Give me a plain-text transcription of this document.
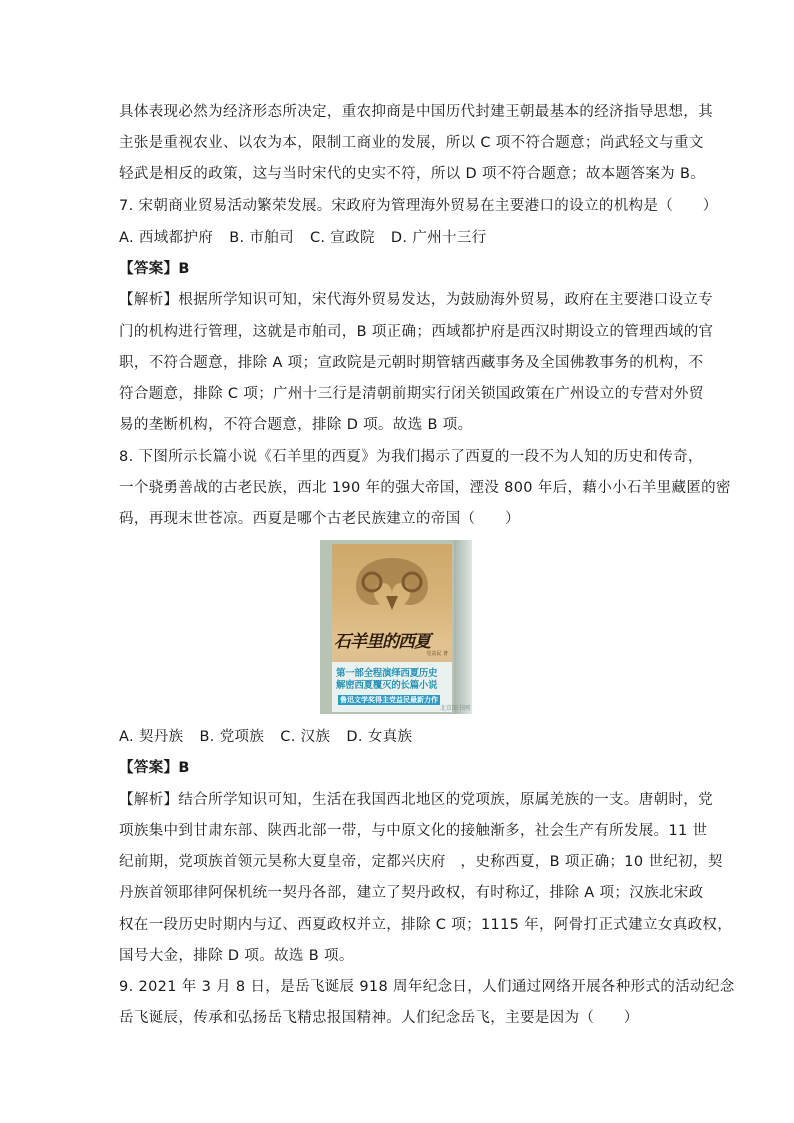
具体表现必然为经济形态所决定，重农抑商是中国历代封建王朝最基本的经济指导思想，其
主张是重视农业、以农为本，限制工商业的发展，所以 C 项不符合题意；尚武轻文与重文
轻武是相反的政策，这与当时宋代的史实不符，所以 D 项不符合题意；故本题答案为 B。
7. 宋朝商业贸易活动繁荣发展。宋政府为管理海外贸易在主要港口的设立的机构是（　　）
A. 西域都护府 B. 市舶司 C. 宣政院 D. 广州十三行
【答案】B
【解析】根据所学知识可知，宋代海外贸易发达，为鼓励海外贸易，政府在主要港口设立专
门的机构进行管理，这就是市舶司，B 项正确；西域都护府是西汉时期设立的管理西域的官
职，不符合题意，排除 A 项；宣政院是元朝时期管辖西藏事务及全国佛教事务的机构，不
符合题意，排除 C 项；广州十三行是清朝前期实行闭关锁国政策在广州设立的专营对外贸
易的垄断机构，不符合题意，排除 D 项。故选 B 项。
8. 下图所示长篇小说《石羊里的西夏》为我们揭示了西夏的一段不为人知的历史和传奇，
一个骁勇善战的古老民族，西北 190 年的强大帝国，湮没 800 年后，藉小小石羊里藏匿的密
码，再现末世苍凉。西夏是哪个古老民族建立的帝国（　　）
石羊里的西夏
党益民 著
第一部全程演绎西夏历史
解密西夏覆灭的长篇小说
鲁迅文学奖得主党益民最新力作
北京图书网
A. 契丹族 B. 党项族 C. 汉族 D. 女真族
【答案】B
【解析】结合所学知识可知，生活在我国西北地区的党项族，原属羌族的一支。唐朝时，党
项族集中到甘肃东部、陕西北部一带，与中原文化的接触渐多，社会生产有所发展。11 世
纪前期，党项族首领元昊称大夏皇帝，定都兴庆府　，史称西夏，B 项正确；10 世纪初，契
丹族首领耶律阿保机统一契丹各部，建立了契丹政权，有时称辽，排除 A 项；汉族北宋政
权在一段历史时期内与辽、西夏政权并立，排除 C 项；1115 年，阿骨打正式建立女真政权，
国号大金，排除 D 项。故选 B 项。
9. 2021 年 3 月 8 日，是岳飞诞辰 918 周年纪念日，人们通过网络开展各种形式的活动纪念
岳飞诞辰，传承和弘扬岳飞精忠报国精神。人们纪念岳飞，主要是因为（　　）
